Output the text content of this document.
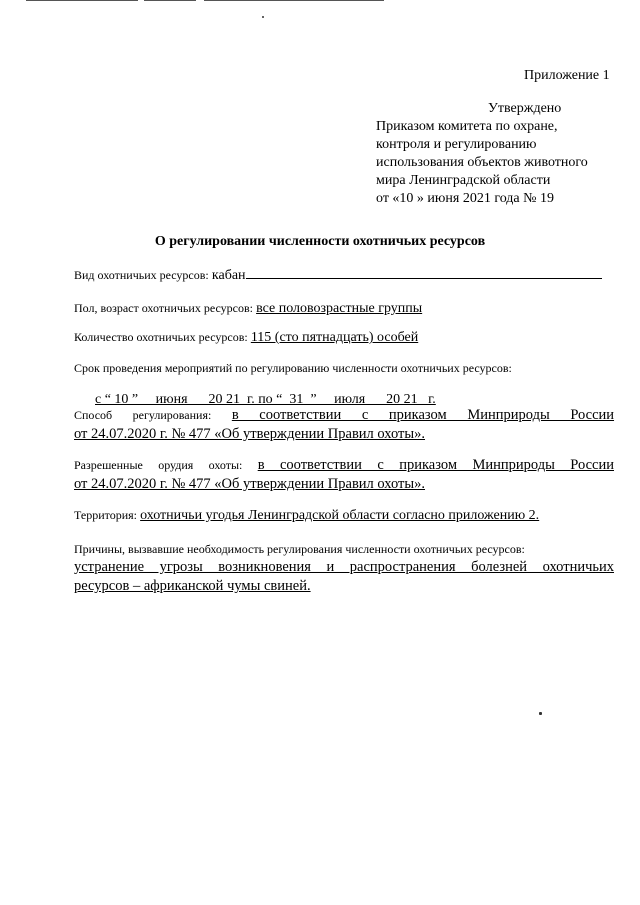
Приложение 1
Утверждено
Приказом комитета по охране,
контроля и регулированию
использования объектов животного
мира Ленинградской области
от «10 » июня 2021 года № 19
О регулировании численности охотничьих ресурсов
Вид охотничьих ресурсов: кабан
Пол, возраст охотничьих ресурсов: все половозрастные группы
Количество охотничьих ресурсов: 115 (сто пятнадцать) особей
Срок проведения мероприятий по регулированию численности охотничьих ресурсов:

с “ 10 ”     июня      20 21  г. по “  31  ”     июля      20 21   г.

Способ регулирования: в соответствии с приказом Минприроды России
от 24.07.2020 г. № 477 «Об утверждении Правил охоты».
Разрешенные орудия охоты: в соответствии с приказом Минприроды России
от 24.07.2020 г. № 477 «Об утверждении Правил охоты».
Территория: охотничьи угодья Ленинградской области согласно приложению 2.
Причины, вызвавшие необходимость регулирования численности охотничьих ресурсов:
устранение угрозы возникновения и распространения болезней охотничьих
ресурсов – африканской чумы свиней.
